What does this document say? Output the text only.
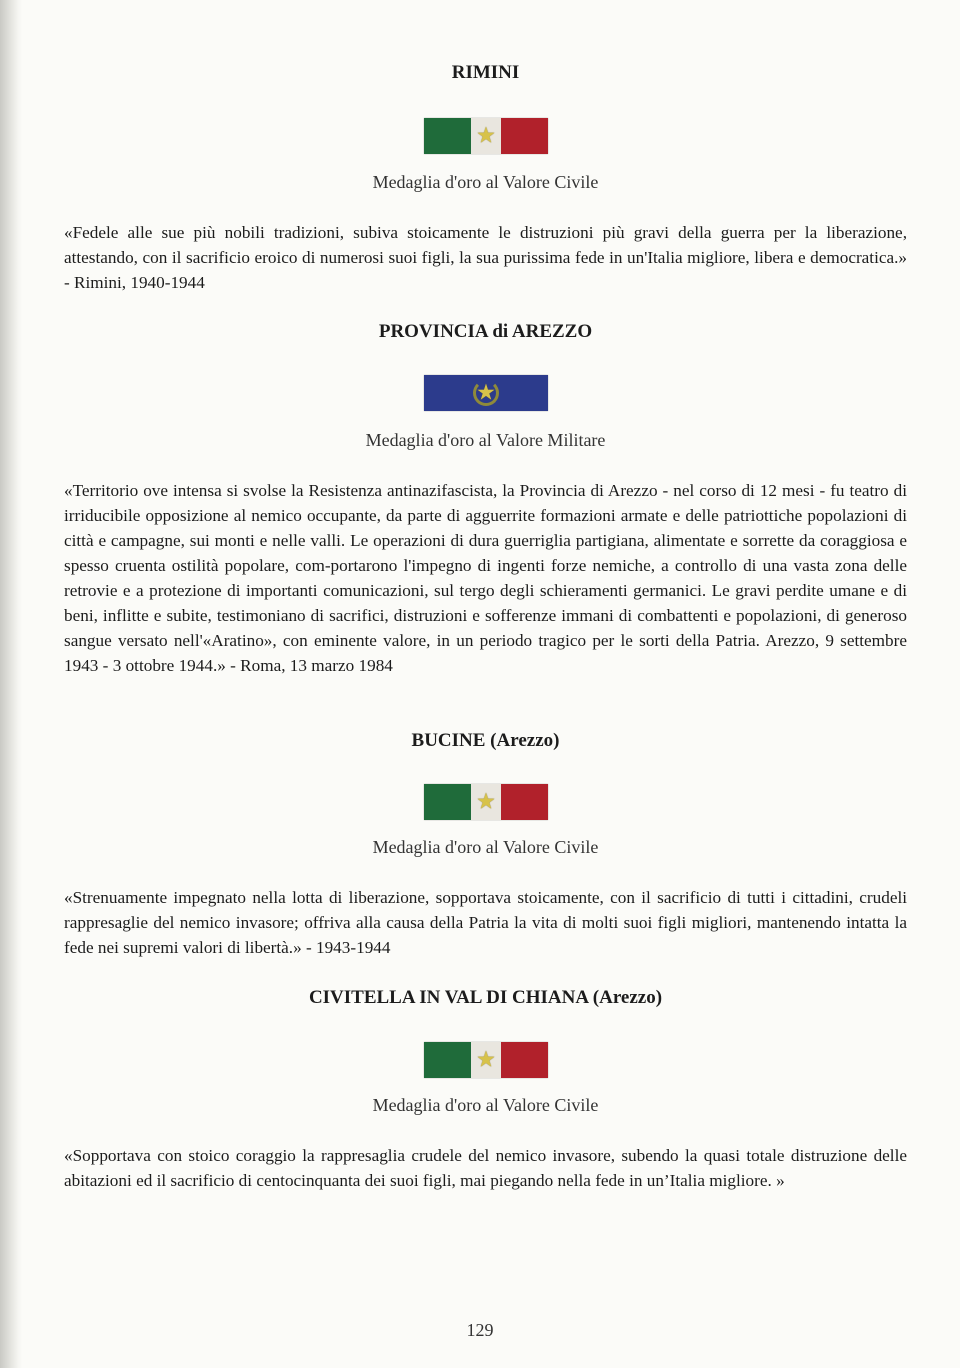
RIMINI
★

Medaglia d'oro al Valore Civile

«Fedele alle sue più nobili tradizioni, subiva stoicamente le distruzioni più gravi della guerra per la liberazione, attestando, con il sacrificio eroico di numerosi suoi figli, la sua purissima fede in un'Italia migliore, libera e democratica.» - Rimini, 1940-1944

PROVINCIA di AREZZO
★

Medaglia d'oro al Valore Militare

«Territorio ove intensa si svolse la Resistenza antinazifascista, la Provincia di Arezzo - nel corso di 12 mesi - fu teatro di irriducibile opposizione al nemico occupante, da parte di agguerrite formazioni armate e delle patriottiche popolazioni di città e campagne, sui monti e nelle valli. Le operazioni di dura guerriglia partigiana, alimentate e sorrette da coraggiosa e spesso cruenta ostilità popolare, com-portarono l'impegno di ingenti forze nemiche, a controllo di una vasta zona delle retrovie e a protezione di importanti comunicazioni, sul tergo degli schieramenti germanici. Le gravi perdite umane e di beni, inflitte e subite, testimoniano di sacrifici, distruzioni e sofferenze immani di combattenti e popolazioni, di generoso sangue versato nell'«Aratino», con eminente valore, in un periodo tragico per le sorti della Patria. Arezzo, 9 settembre 1943 - 3 ottobre 1944.» - Roma, 13 marzo 1984

BUCINE (Arezzo)
★

Medaglia d'oro al Valore Civile

«Strenuamente impegnato nella lotta di liberazione, sopportava stoicamente, con il sacrificio di tutti i cittadini, crudeli rappresaglie del nemico invasore; offriva alla causa della Patria la vita di molti suoi figli migliori, mantenendo intatta la fede nei supremi valori di libertà.» - 1943-1944

CIVITELLA IN VAL DI CHIANA (Arezzo)
★

Medaglia d'oro al Valore Civile

«Sopportava con stoico coraggio la rappresaglia crudele del nemico invasore, subendo la quasi totale distruzione delle abitazioni ed il sacrificio di centocinquanta dei suoi figli, mai piegando nella fede in un’Italia migliore. »

129
